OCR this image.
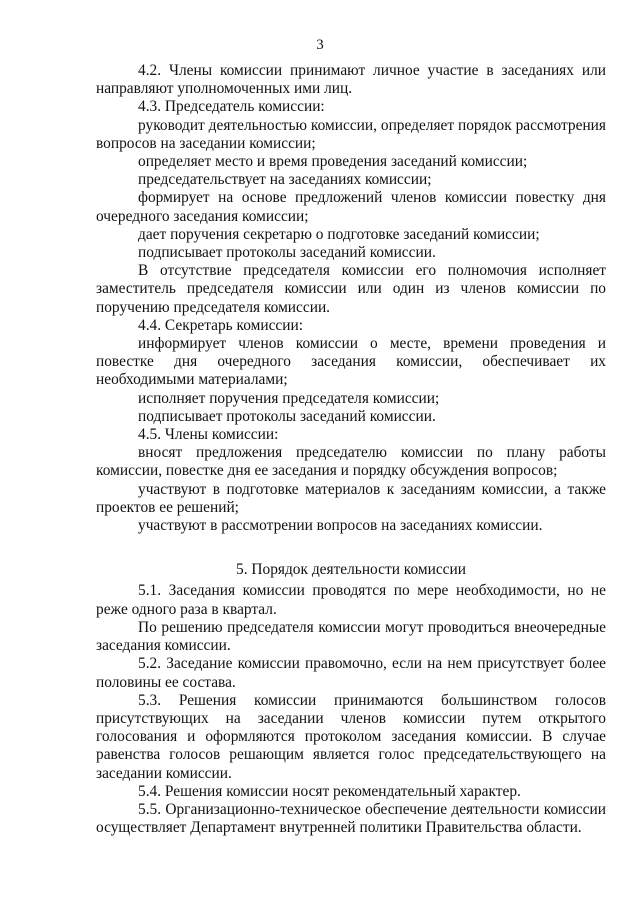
3

4.2. Члены комиссии принимают личное участие в заседаниях или направляют уполномоченных ими лиц.

4.3. Председатель комиссии:

руководит деятельностью комиссии, определяет порядок рассмотрения вопросов на заседании комиссии;

определяет место и время проведения заседаний комиссии;

председательствует на заседаниях комиссии;

формирует на основе предложений членов комиссии повестку дня очередного заседания комиссии;

дает поручения секретарю о подготовке заседаний комиссии;

подписывает протоколы заседаний комиссии.

В отсутствие председателя комиссии его полномочия исполняет заместитель председателя комиссии или один из членов комиссии по поручению председателя комиссии.

4.4. Секретарь комиссии:

информирует членов комиссии о месте, времени проведения и повестке дня очередного заседания комиссии, обеспечивает их необходимыми материалами;

исполняет поручения председателя комиссии;

подписывает протоколы заседаний комиссии.

4.5. Члены комиссии:

вносят предложения председателю комиссии по плану работы комиссии, повестке дня ее заседания и порядку обсуждения вопросов;

участвуют в подготовке материалов к заседаниям комиссии, а также проектов ее решений;

участвуют в рассмотрении вопросов на заседаниях комиссии.

5. Порядок деятельности комиссии

5.1. Заседания комиссии проводятся по мере необходимости, но не реже одного раза в квартал.

По решению председателя комиссии могут проводиться внеочередные заседания комиссии.

5.2. Заседание комиссии правомочно, если на нем присутствует более половины ее состава.

5.3. Решения комиссии принимаются большинством голосов присутствующих на заседании членов комиссии путем открытого голосования и оформляются протоколом заседания комиссии. В случае равенства голосов решающим является голос председательствующего на заседании комиссии.

5.4. Решения комиссии носят рекомендательный характер.

5.5. Организационно-техническое обеспечение деятельности комиссии осуществляет Департамент внутренней политики Правительства области.
